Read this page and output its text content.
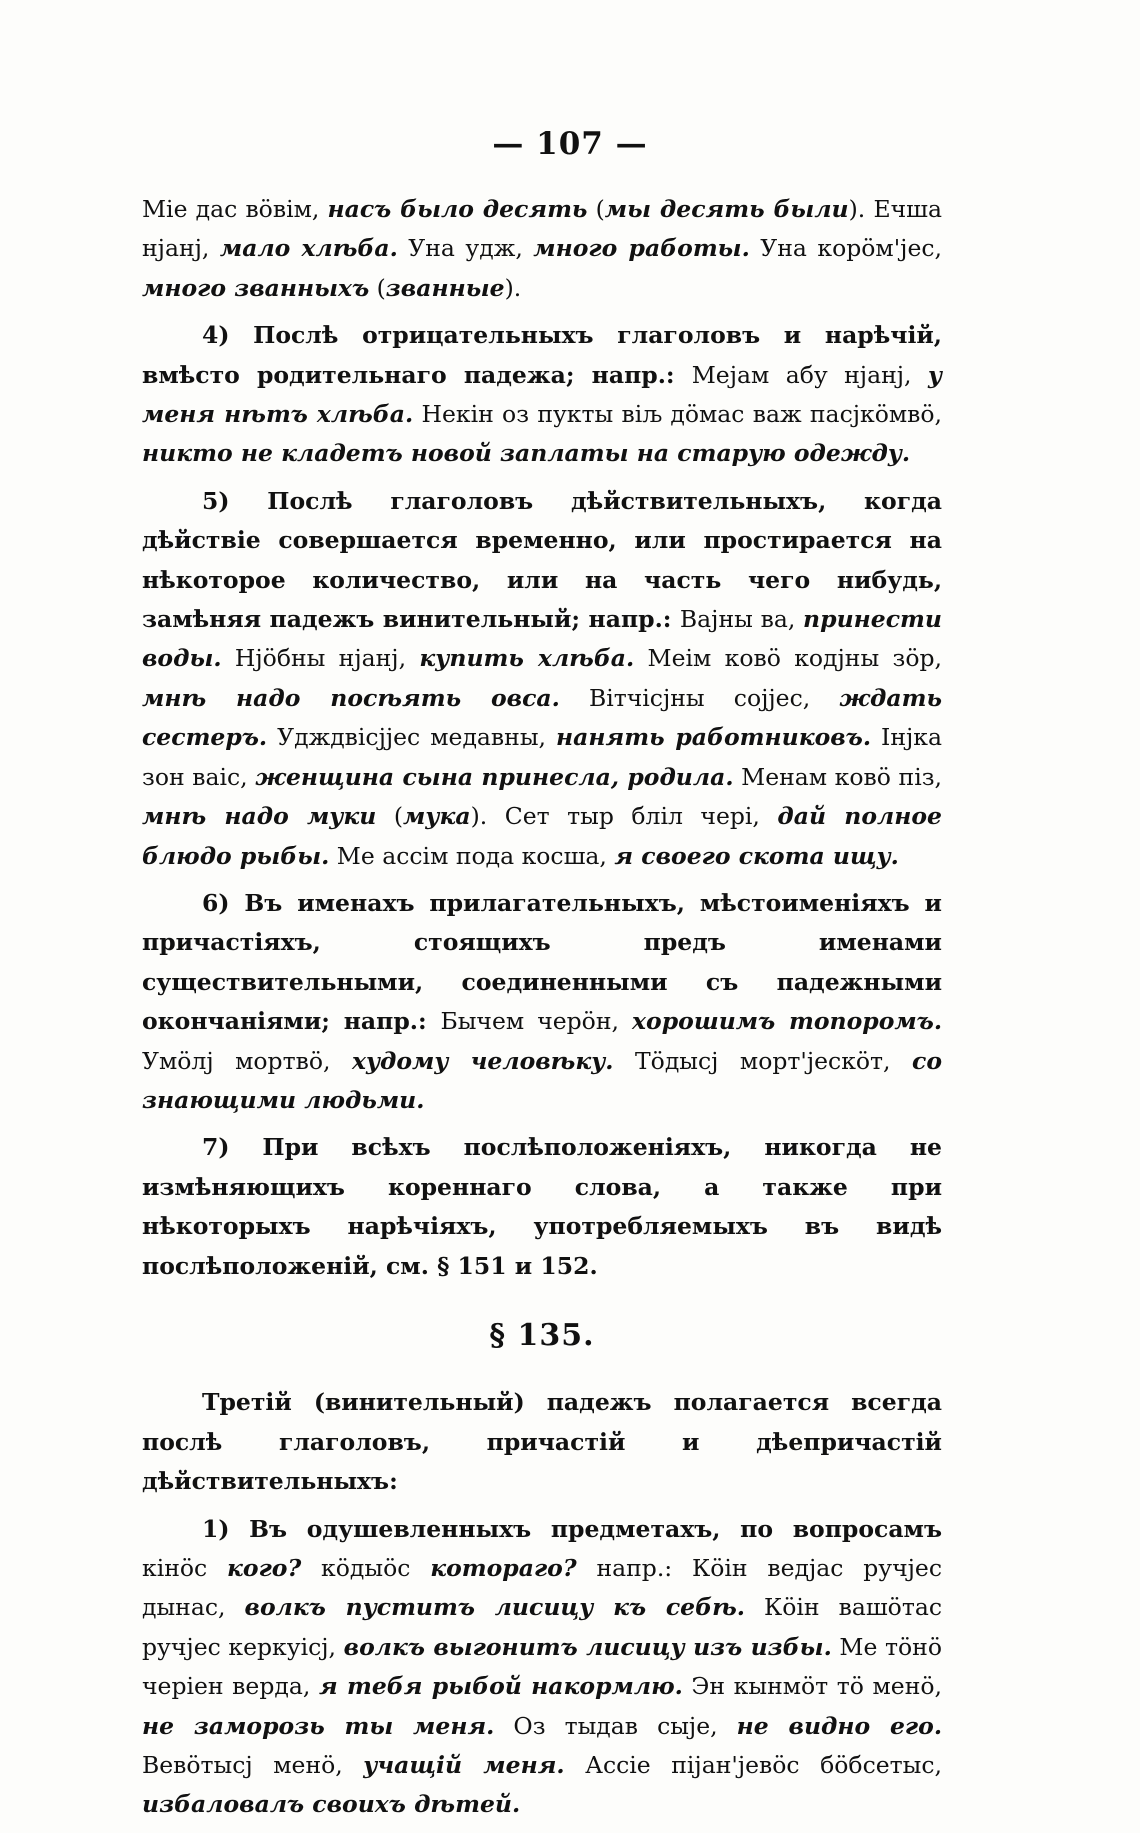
— 107 —

Mie дас вöвім, насъ было десять (мы десять были). Ечша нјанј, мало хлѣба. Уна удж, много работы. Уна коpöм'jес, много званныхъ (званные).

4) Послѣ отрицательныхъ глаголовъ и нарѣчій, вмѣсто родительнаго падежа; напр.: Мејам абу нјанј, у меня нѣтъ хлѣба. Некін оз пукты віљ дöмас важ пасјкöмвö, никто не кладетъ новой заплаты на старую одежду.

5) Послѣ глаголовъ дѣйствительныхъ, когда дѣйствіе совершается временно, или простирается на нѣкоторое количество, или на часть чего нибудь, замѣняя падежъ винительный; напр.: Вајны ва, принести воды. Нјöбны нјанј, купить хлѣба. Меім ковö кодјны зöр, мнѣ надо посѣять овса. Вітчісјны сојјес, ждать сестеръ. Удждвісјјес медавны, нанять работниковъ. Інјка зон ваіс, женщина сына принесла, родила. Менам ковö піз, мнѣ надо муки (мука). Сет тыр бліл черi, дай полное блюдо рыбы. Ме ассім пода косша, я своего скота ищу.

6) Въ именахъ прилагательныхъ, мѣстоименіяхъ и причастіяхъ, стоящихъ предъ именами существительными, соединенными съ падежными окончаніями; напр.: Бычем черöн, хорошимъ топоромъ. Умöлј мортвö, худому человѣку. Тöдысј морт'јескöт, со знающими людьми.

7) При всѣхъ послѣположеніяхъ, никогда не измѣняющихъ кореннаго слова, а также при нѣкоторыхъ нарѣчіяхъ, употребляемыхъ въ видѣ послѣположеній, см. § 151 и 152.

§ 135.

Третій (винительный) падежъ полагается всегда послѣ глаголовъ, причастій и дѣепричастій дѣйствительныхъ:

1) Въ одушевленныхъ предметахъ, по вопросамъ кінöс кого? кöдыöс котораго? напр.: Кöін ведјас ручјес дынас, волкъ пуститъ лисицу къ себѣ. Кöін вашöтас ручјес керкуісј, волкъ выгонитъ лисицу изъ избы. Ме тöнö черіен верда, я тебя рыбой накормлю. Эн кынмöт тö менö, не заморозь ты меня. Оз тыдав сыје, не видно его. Вевöтысј менö, учащій меня. Ассіе піјан'јевöс бöбсетыс, избаловалъ своихъ дѣтей.
